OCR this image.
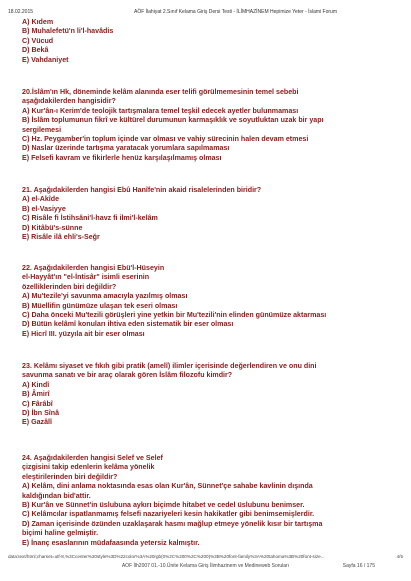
18.02.2015	AÖF İlahiyat 2.Sınıf Kelama Giriş Dersi Testi - İLİMHAZİNEM Hepimize Yeter - İslami Forum
A) Kıdem
B) Muhalefetü'n li'l-havâdis
C) Vücud
D) Bekâ
E) Vahdaniyet
20.İslâm'ın Hk, döneminde kelâm alanında eser telifi görülmemesinin temel sebebi
aşağıdakilerden hangisidir?
A) Kur'ân-ı Kerim'de teolojik tartışmalara temel teşkil edecek ayetler bulunmaması
B) İslâm toplumunun fikrî ve kültürel durumunun karmaşıklık ve soyutluktan uzak bir yapı
sergilemesi
C) Hz. Peygamber'in toplum içinde var olması ve vahiy sürecinin halen devam etmesi
D) Naslar üzerinde tartışma yaratacak yorumlara sapılmaması
E) Felsefi kavram ve fikirlerle henüz karşılaşılmamış olması
21. Aşağıdakilerden hangisi Ebû Hanîfe'nin akaid risalelerinden biridir?
A) el-Akîde
B) el-Vasiyye
C) Risâle fi İstihsâni'l-havz fi ilmi'l-kelâm
D) Kitâbü's-sünne
E) Risâle ilâ ehli's-Seğr
22. Aşağıdakilerden hangisi Ebü'l-Hüseyin
el-Hayyât'ın "el-İntisâr" isimli eserinin
özelliklerinden biri değildir?
A) Mu'tezile'yi savunma amacıyla yazılmış olması
B) Müellifin günümüze ulaşan tek eseri olması
C) Daha önceki Mu'tezili görüşleri yine yetkin bir Mu'tezili'nin elinden günümüze aktarması
D) Bütün kelâmî konuları ihtiva eden sistematik bir eser olması
E) Hicrî III. yüzyıla ait bir eser olması
23. Kelâmı siyaset ve fıkıh gibi pratik (amelî) ilimler içerisinde değerlendiren ve onu dini
savunma sanatı ve bir araç olarak gören İslâm filozofu kimdir?
A) Kindî
B) Âmirî
C) Fârâbî
D) İbn Sînâ
E) Gazâlî
24. Aşağıdakilerden hangisi Selef ve Selef
çizgisini takip edenlerin kelâma yönelik
eleştirilerinden biri değildir?
A) Kelâm, dini anlama noktasında esas olan Kur'ân, Sünnet'çe sahabe kavlinin dışında
kaldığından bid'attir.
B) Kur'ân ve Sünnet'in üslubuna aykırı biçimde hitabet ve cedel üslubunu benimser.
C) Kelâmcılar ispatlanmamış felsefi nazariyeleri kesin hakikatler gibi benimsemişlerdir.
D) Zaman içerisinde özünden uzaklaşarak hasmı mağlup etmeye yönelik kısır bir tartışma
biçimi haline gelmiştir.
E) İnanç esaslarının müdafaasında yetersiz kalmıştır.
data:text/html;charset=utf-8,%3Ccenter%20style%3D%22color%3A%20rgb(0%2C%200%2C%200)%3B%20font-family%3A%20tahoma%3B%20font-size...	4/5
AOF İlh2007 01.-10.Ünite Kelama Giriş İlimhazinem ve Medineweb Soruları	Sayfa 16 / 175
